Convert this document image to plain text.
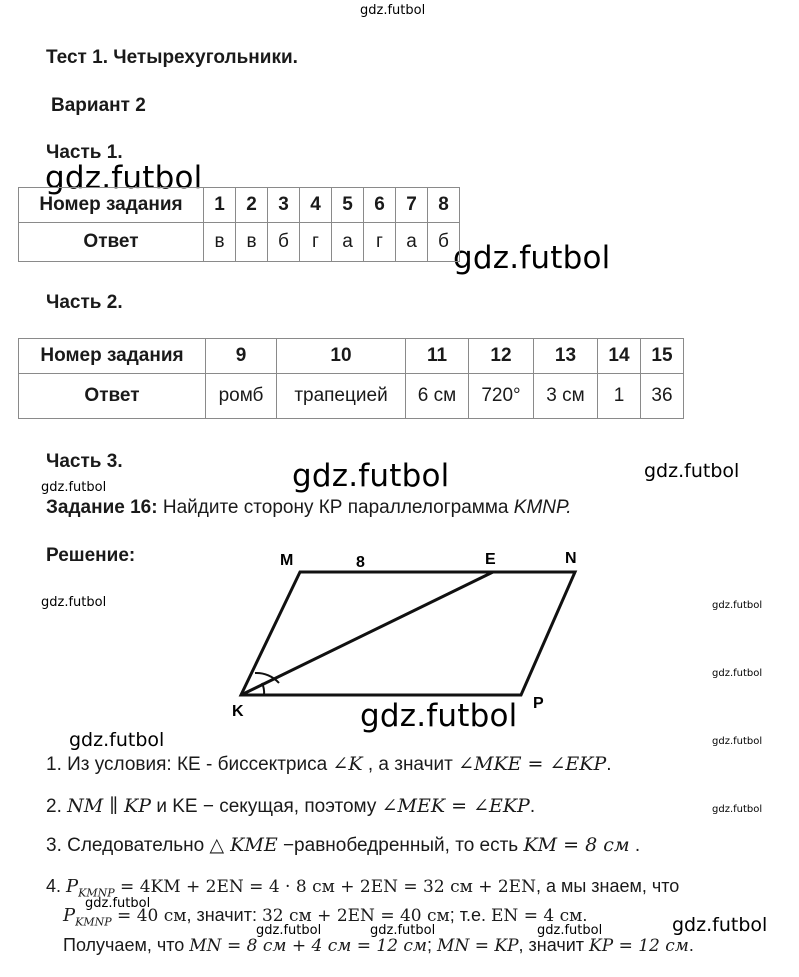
gdz.futbol
gdz.futbol
gdz.futbol
gdz.futbol	gdz.futbol
gdz.futbol
gdz.futbol	gdz.futbol
gdz.futbol
gdz.futbol
gdz.futbol	gdz.futbol
gdz.futbol
gdz.futbol
gdz.futbol
gdz.futbol	gdz.futbol	gdz.futbol
Тест 1. Четырехугольники.
Вариант 2
Часть 1.
Номер задания	1	2	3	4	5	6	7	8
Ответ	в	в	б	г	а	г	а	б
Часть 2.
Номер задания	9	10	11	12	13	14	15
Ответ	ромб	трапецией	6 см	720°	3 см	1	36
Часть 3.
Задание 16: Найдите сторону КР параллелограмма KMNP.
Решение:	M	8	E	N
K	P
1. Из условия: КЕ - биссектриса ∠K , а значит ∠MKE = ∠EKP.
2. NM ∥ KP и KE − секущая, поэтому ∠MEK = ∠EKP.
3. Следовательно △ KME −равнобедренный, то есть KM = 8 см .
4. $P_{KMNP} = 4KM + 2EN = 4 \cdot 8$ см + 2EN = 32 см + 2EN, а мы знаем, что
$P_{KMNP} = 40$ см, значит: 32 см + 2EN = 40 см; т.е. EN = 4 см.
Получаем, что MN = 8 см + 4 см = 12 см; MN = KP, значит KP = 12 см.
